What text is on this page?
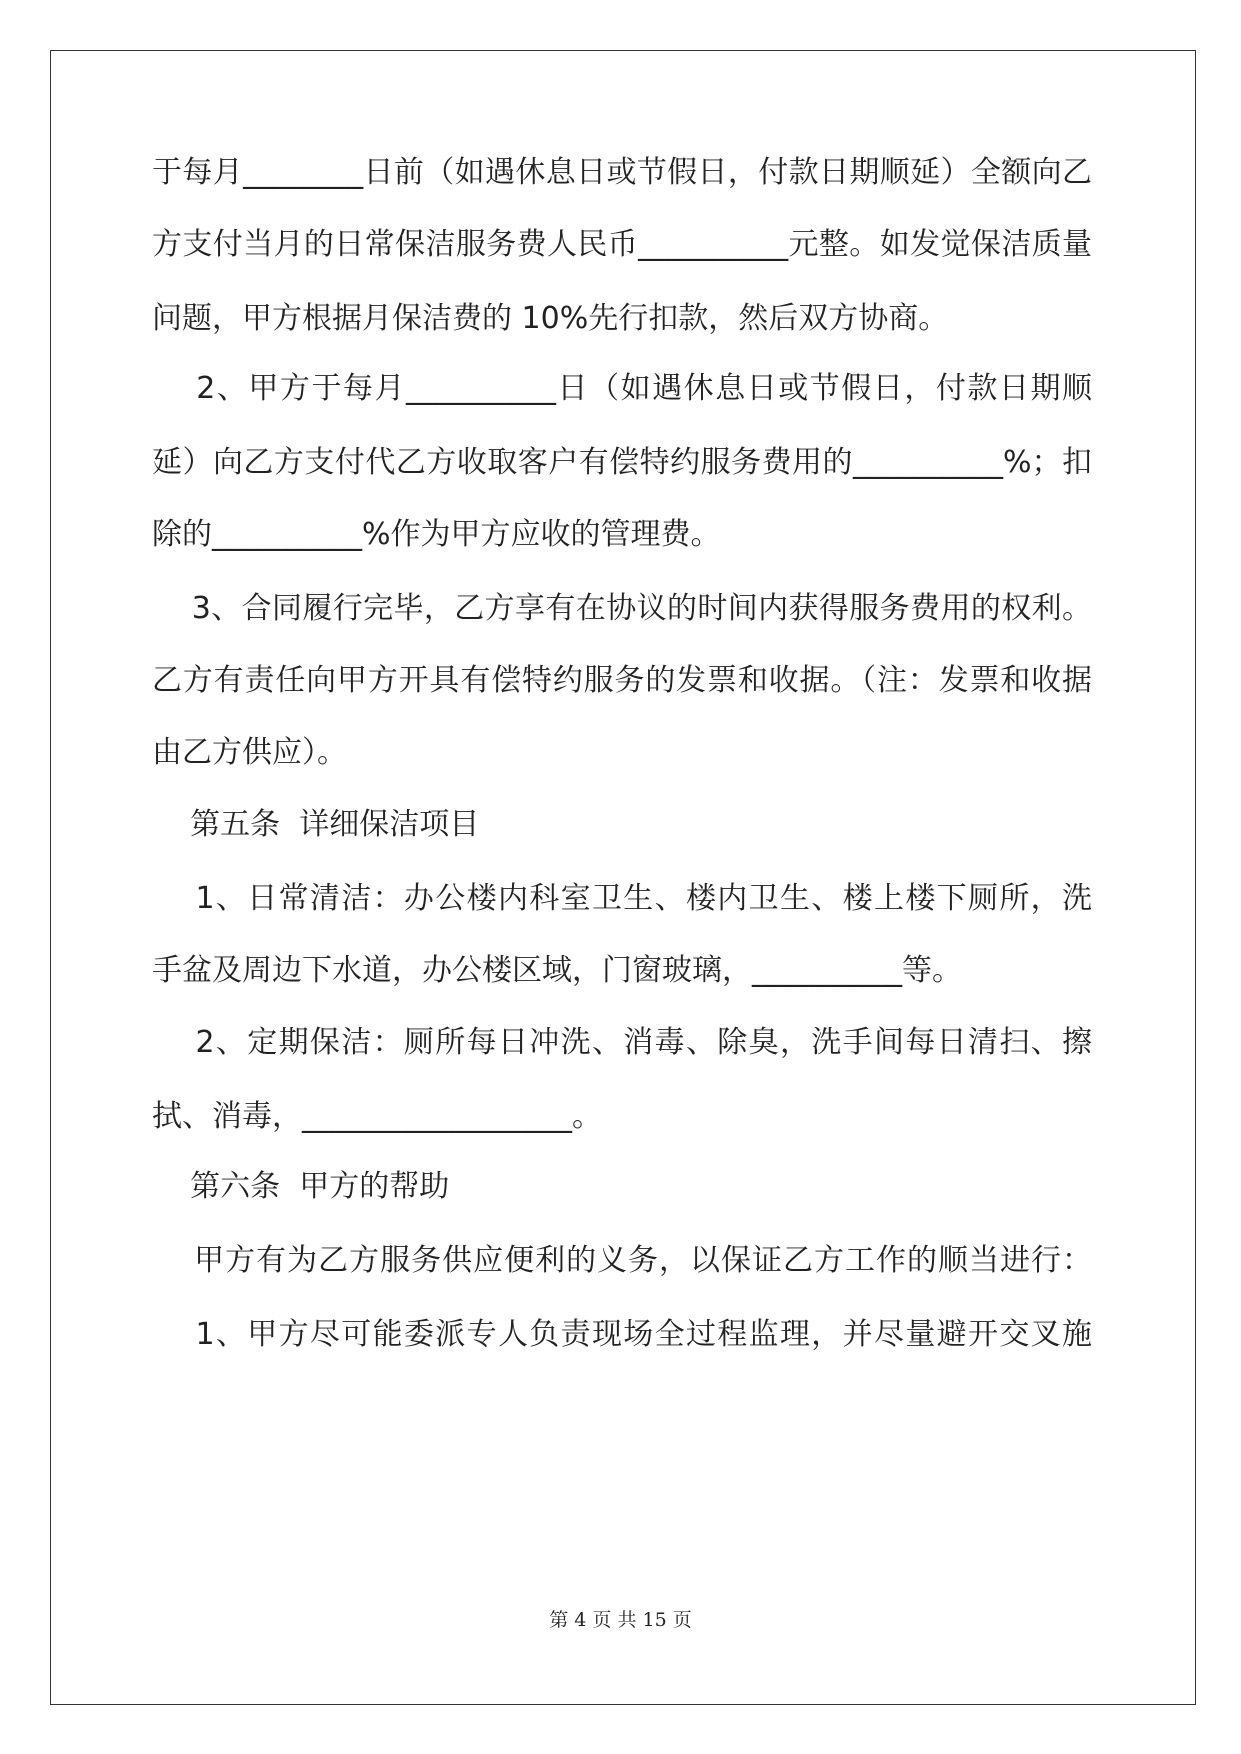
于每月________日前（如遇休息日或节假日，付款日期顺延）全额向乙
方支付当月的日常保洁服务费人民币__________元整。如发觉保洁质量
问题，甲方根据月保洁费的 10%先行扣款，然后双方协商。
2、甲方于每月__________日（如遇休息日或节假日，付款日期顺
延）向乙方支付代乙方收取客户有偿特约服务费用的__________%；扣
除的__________%作为甲方应收的管理费。
3、合同履行完毕，乙方享有在协议的时间内获得服务费用的权利。
乙方有责任向甲方开具有偿特约服务的发票和收据。（注：发票和收据
由乙方供应）。
第五条  详细保洁项目
1、日常清洁：办公楼内科室卫生、楼内卫生、楼上楼下厕所，洗
手盆及周边下水道，办公楼区域，门窗玻璃，__________等。
2、定期保洁：厕所每日冲洗、消毒、除臭，洗手间每日清扫、擦
拭、消毒，__________________。
第六条  甲方的帮助
甲方有为乙方服务供应便利的义务，以保证乙方工作的顺当进行：
1、甲方尽可能委派专人负责现场全过程监理，并尽量避开交叉施
第 4 页 共 15 页
